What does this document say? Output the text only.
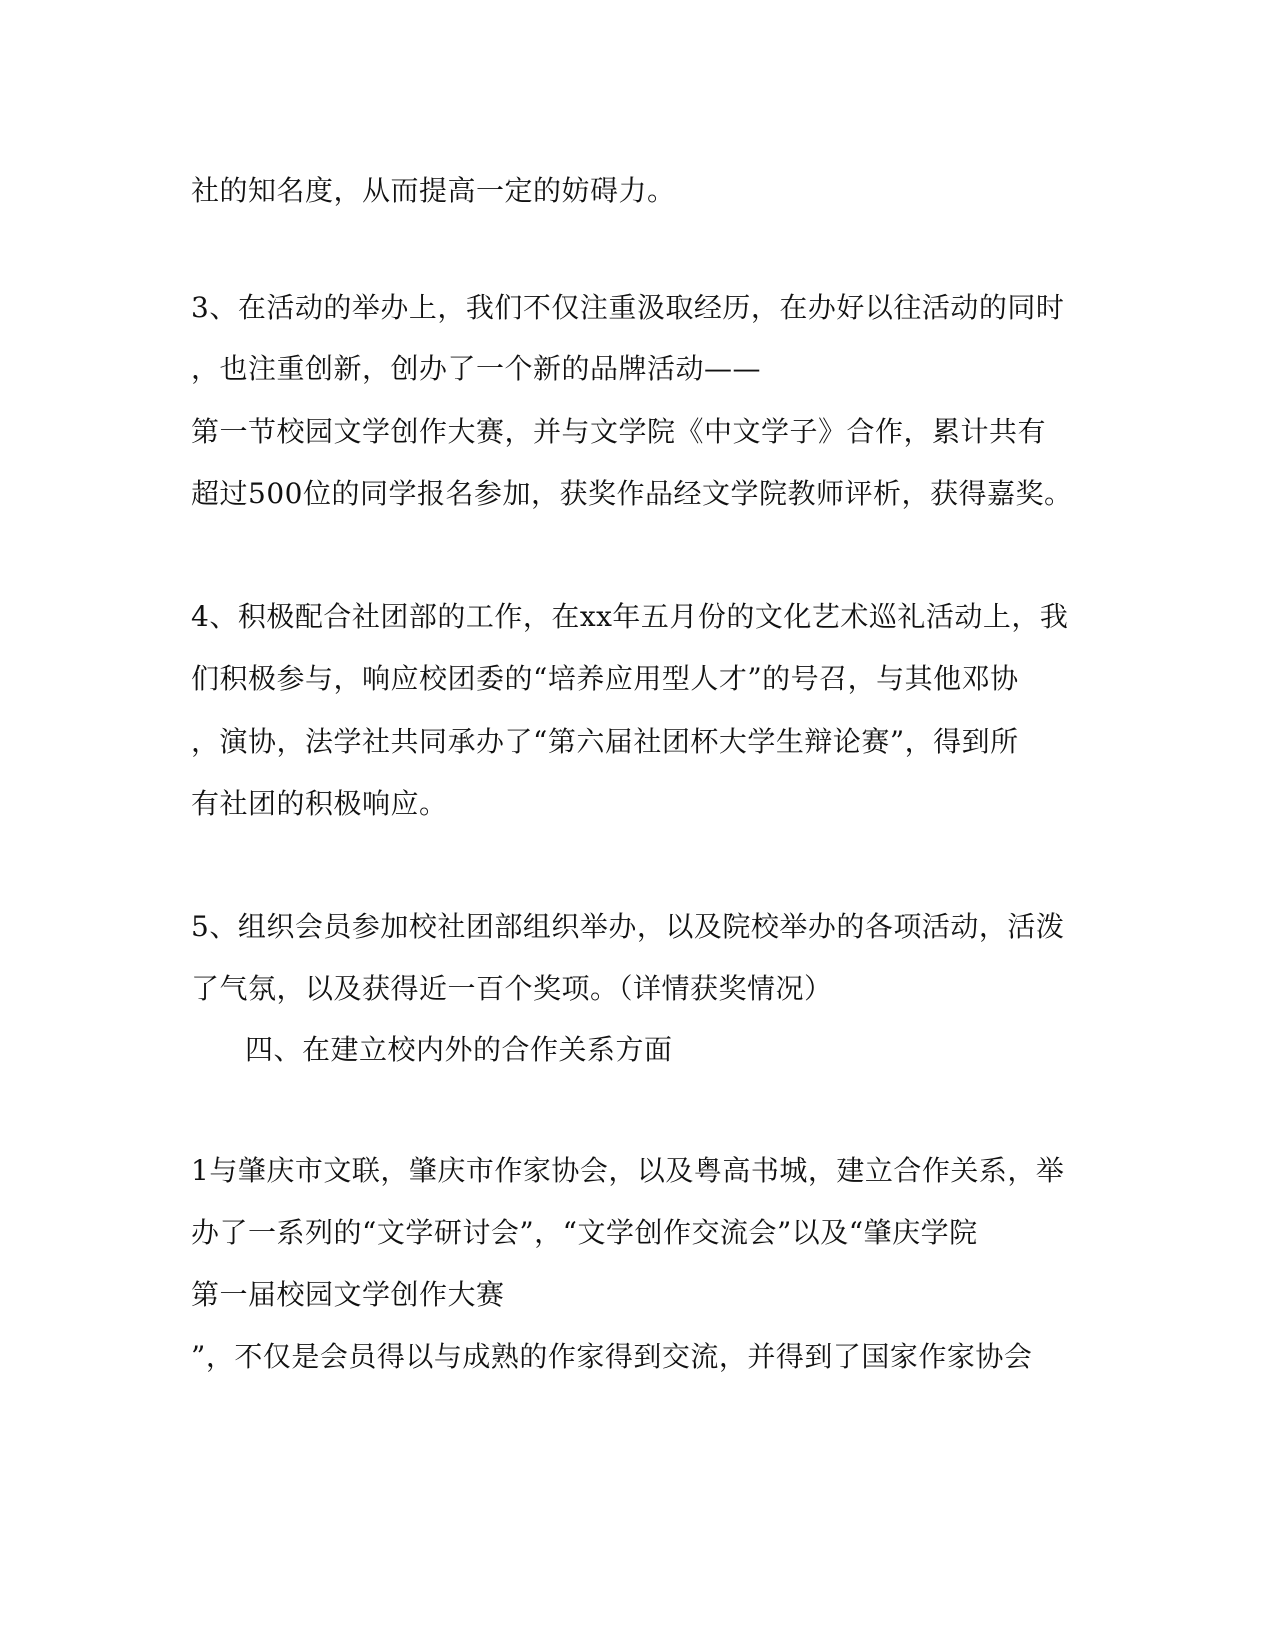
社的知名度，从而提高一定的妨碍力。
3、在活动的举办上，我们不仅注重汲取经历，在办好以往活动的同时
，也注重创新，创办了一个新的品牌活动——
第一节校园文学创作大赛，并与文学院《中文学子》合作，累计共有
超过500位的同学报名参加，获奖作品经文学院教师评析，获得嘉奖。
4、积极配合社团部的工作，在xx年五月份的文化艺术巡礼活动上，我
们积极参与，响应校团委的“培养应用型人才”的号召，与其他邓协
，演协，法学社共同承办了“第六届社团杯大学生辩论赛”，得到所
有社团的积极响应。
5、组织会员参加校社团部组织举办，以及院校举办的各项活动，活泼
了气氛，以及获得近一百个奖项。（详情获奖情况）
四、在建立校内外的合作关系方面
1与肇庆市文联，肇庆市作家协会，以及粤高书城，建立合作关系，举
办了一系列的“文学研讨会”，“文学创作交流会”以及“肇庆学院
第一届校园文学创作大赛
”，不仅是会员得以与成熟的作家得到交流，并得到了国家作家协会
